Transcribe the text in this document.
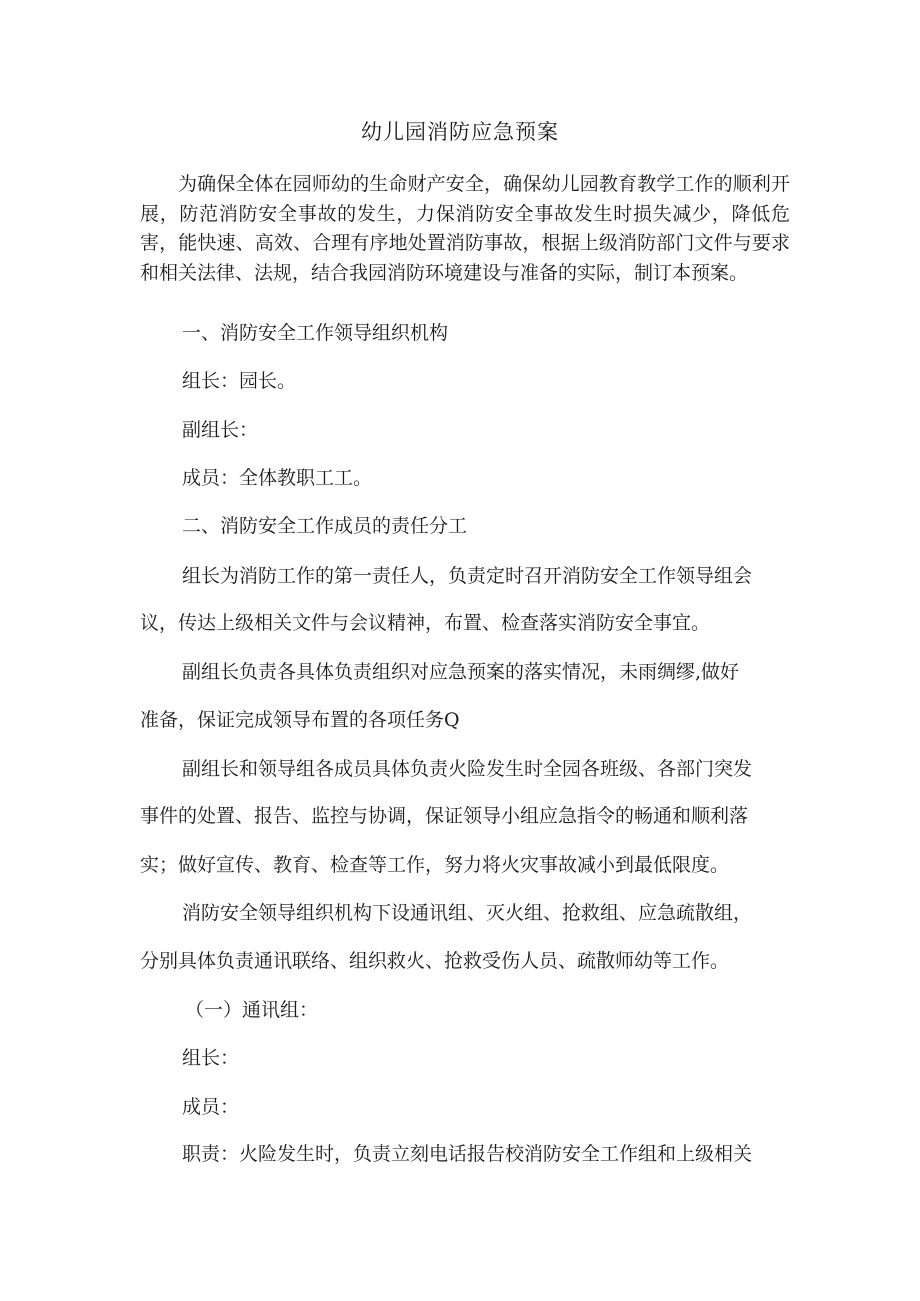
幼儿园消防应急预案

为确保全体在园师幼的生命财产安全，确保幼儿园教育教学工作的顺利开展，防范消防安全事故的发生，力保消防安全事故发生时损失减少，降低危害，能快速、高效、合理有序地处置消防事故，根据上级消防部门文件与要求和相关法律、法规，结合我园消防环境建设与准备的实际，制订本预案。

一、消防安全工作领导组织机构

组长：园长。

副组长：

成员：全体教职工工。

二、消防安全工作成员的责任分工

组长为消防工作的第一责任人，负责定时召开消防安全工作领导组会

议，传达上级相关文件与会议精神，布置、检查落实消防安全事宜。

副组长负责各具体负责组织对应急预案的落实情况，未雨绸缪,做好

准备，保证完成领导布置的各项任务Q

副组长和领导组各成员具体负责火险发生时全园各班级、各部门突发

事件的处置、报告、监控与协调，保证领导小组应急指令的畅通和顺利落

实；做好宣传、教育、检查等工作，努力将火灾事故减小到最低限度。

消防安全领导组织机构下设通讯组、灭火组、抢救组、应急疏散组，

分别具体负责通讯联络、组织救火、抢救受伤人员、疏散师幼等工作。

（一）通讯组：

组长：

成员：

职责：火险发生时，负责立刻电话报告校消防安全工作组和上级相关
